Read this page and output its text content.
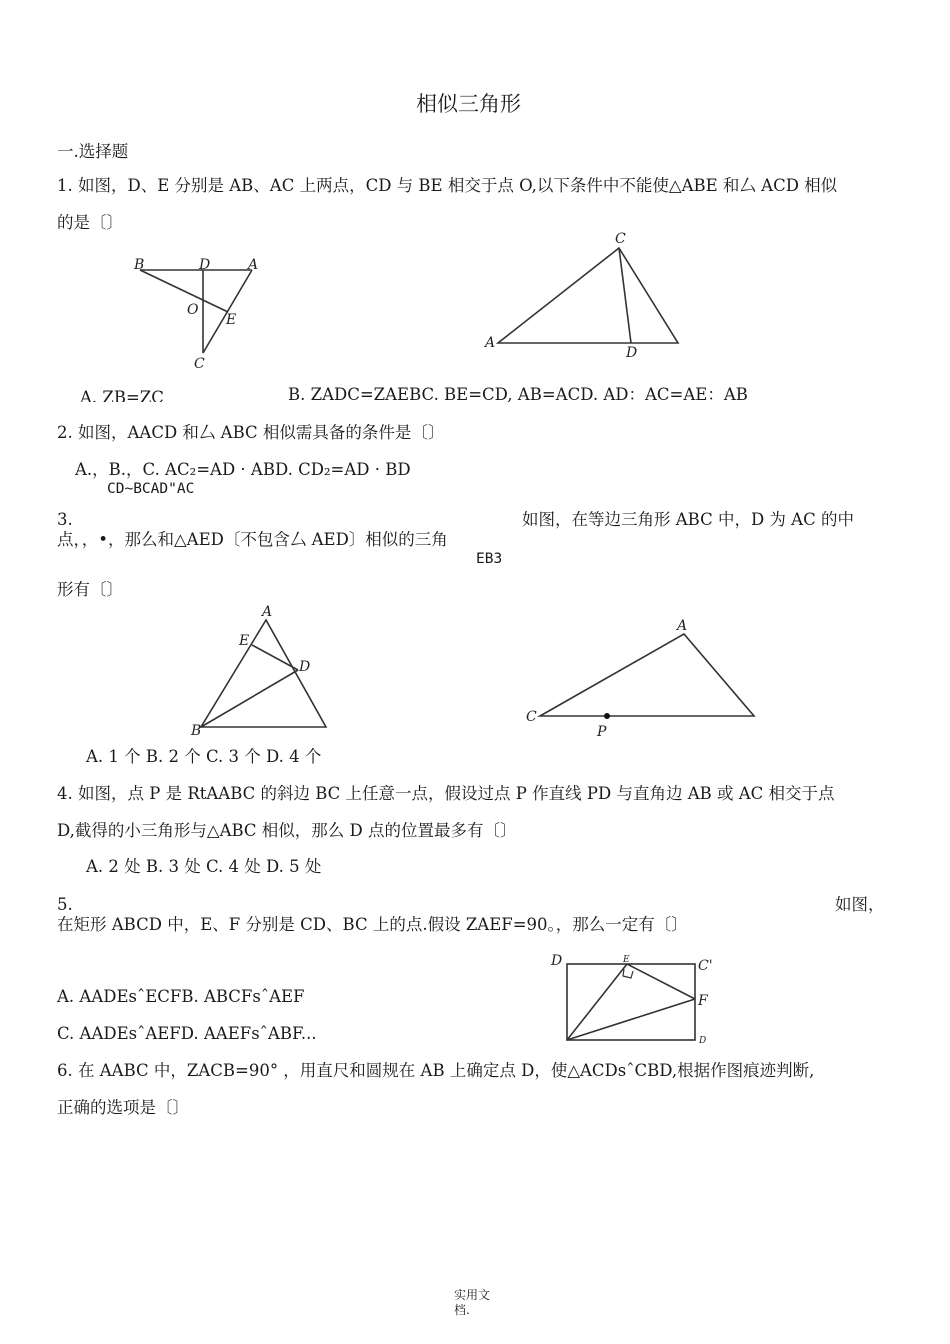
相似三角形
一.选择题
1. 如图，D、E 分别是 AB、AC 上两点，CD 与 BE 相交于点 O,以下条件中不能使△ABE 和厶 ACD 相似
的是〔〕
B	D	A
O
E
C
C
A
D
A. ZB=ZC	B. ZADC=ZAEBC. BE=CD, AB=ACD. AD：AC=AE：AB
2. 如图，AACD 和厶 ABC 相似需具备的条件是〔〕
A.，B.，C. AC₂=AD · ABD. CD₂=AD · BD
CD~BCAD"AC
3.	如图，在等边三角形 ABC 中，D 为 AC 的中
点，，•，那么和△AED〔不包含厶 AED〕相似的三角
EB3
形有〔〕
A
E
D
B
A
C
P
A. 1 个 B. 2 个 C. 3 个 D. 4 个
4. 如图，点 P 是 RtAABC 的斜边 BC 上任意一点，假设过点 P 作直线 PD 与直角边 AB 或 AC 相交于点
D,截得的小三角形与△ABC 相似，那么 D 点的位置最多有〔〕
A. 2 处 B. 3 处 C. 4 处 D. 5 处
5.	如图，
在矩形 ABCD 中，E、F 分别是 CD、BC 上的点.假设 ZAEF=90。，那么一定有〔〕
D	E	C'
F
D
A. AADEsˆECFB. ABCFsˆAEF
C. AADEsˆAEFD. AAEFsˆABF...
6. 在 AABC 中，ZACB=90° ，用直尺和圆规在 AB 上确定点 D，使△ACDsˆCBD,根据作图痕迹判断,
正确的选项是〔〕
实用文
档.
